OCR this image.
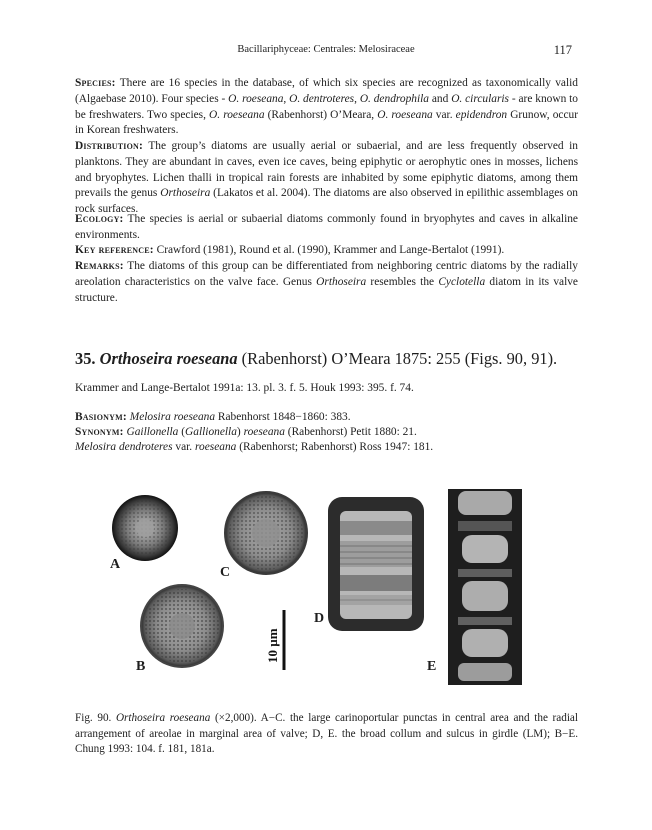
Bacillariphyceae: Centrales: Melosiraceae	117
Species: There are 16 species in the database, of which six species are recognized as taxonomically valid (Algaebase 2010). Four species - O. roeseana, O. dentroteres, O. dendrophila and O. circularis - are known to be freshwaters. Two species, O. roeseana (Rabenhorst) O’Meara, O. roeseana var. epidendron Grunow, occur in Korean freshwaters.
Distribution: The group’s diatoms are usually aerial or subaerial, and are less frequently observed in planktons. They are abundant in caves, even ice caves, being epiphytic or aerophytic ones in mosses, lichens and bryophytes. Lichen thalli in tropical rain forests are inhabited by some epiphytic diatoms, among them prevails the genus Orthoseira (Lakatos et al. 2004). The diatoms are also observed in epilithic assemblages on rock surfaces.
Ecology: The species is aerial or subaerial diatoms commonly found in bryophytes and caves in alkaline environments.
Key reference: Crawford (1981), Round et al. (1990), Krammer and Lange-Bertalot (1991).
Remarks: The diatoms of this group can be differentiated from neighboring centric diatoms by the radially areolation characteristics on the valve face. Genus Orthoseira resembles the Cyclotella diatom in its valve structure.
35. Orthoseira roeseana (Rabenhorst) O’Meara 1875: 255 (Figs. 90, 91).
Krammer and Lange-Bertalot 1991a: 13. pl. 3. f. 5. Houk 1993: 395. f. 74.
Basionym: Melosira roeseana Rabenhorst 1848−1860: 383.
Synonym: Gaillonella (Gallionella) roeseana (Rabenhorst) Petit 1880: 21.
Melosira dendroteres var. roeseana (Rabenhorst; Rabenhorst) Ross 1947: 181.
10 µm
A
B
C
D
E
Fig. 90. Orthoseira roeseana (×2,000). A−C. the large carinoportular punctas in central area and the radial arrangement of areolae in marginal area of valve; D, E. the broad collum and sulcus in girdle (LM); B−E. Chung 1993: 104. f. 181, 181a.
